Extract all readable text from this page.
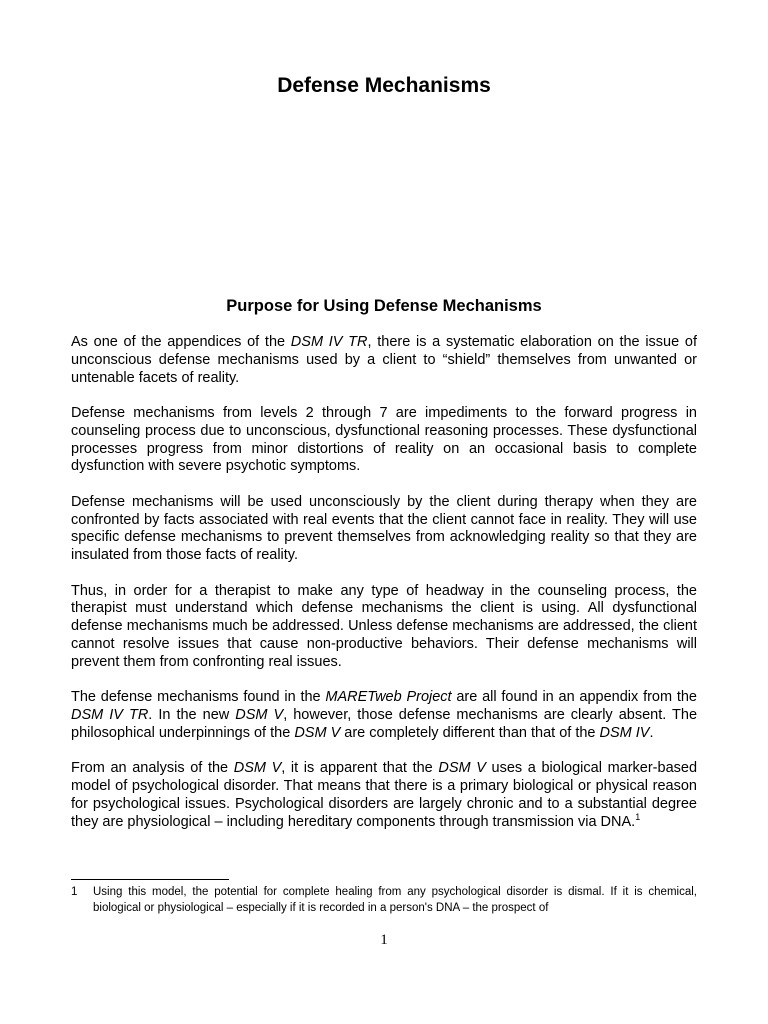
Defense Mechanisms
Purpose for Using Defense Mechanisms

As one of the appendices of the DSM IV TR, there is a systematic elaboration on the issue of unconscious defense mechanisms used by a client to “shield” themselves from unwanted or untenable facets of reality.

Defense mechanisms from levels 2 through 7 are impediments to the forward progress in counseling process due to unconscious, dysfunctional reasoning processes. These dysfunctional processes progress from minor distortions of reality on an occasional basis to complete dysfunction with severe psychotic symptoms.

Defense mechanisms will be used unconsciously by the client during therapy when they are confronted by facts associated with real events that the client cannot face in reality. They will use specific defense mechanisms to prevent themselves from acknowledging reality so that they are insulated from those facts of reality.

Thus, in order for a therapist to make any type of headway in the counseling process, the therapist must understand which defense mechanisms the client is using. All dysfunctional defense mechanisms much be addressed. Unless defense mechanisms are addressed, the client cannot resolve issues that cause non-productive behaviors. Their defense mechanisms will prevent them from confronting real issues.

The defense mechanisms found in the MARETweb Project are all found in an appendix from the DSM IV TR. In the new DSM V, however, those defense mechanisms are clearly absent. The philosophical underpinnings of the DSM V are completely different than that of the DSM IV.

From an analysis of the DSM V, it is apparent that the DSM V uses a biological marker-based model of psychological disorder. That means that there is a primary biological or physical reason for psychological issues. Psychological disorders are largely chronic and to a substantial degree they are physiological – including hereditary components through transmission via DNA.$^1$

1 Using this model, the potential for complete healing from any psychological disorder is dismal. If it is chemical, biological or physiological – especially if it is recorded in a person's DNA – the prospect of
1
